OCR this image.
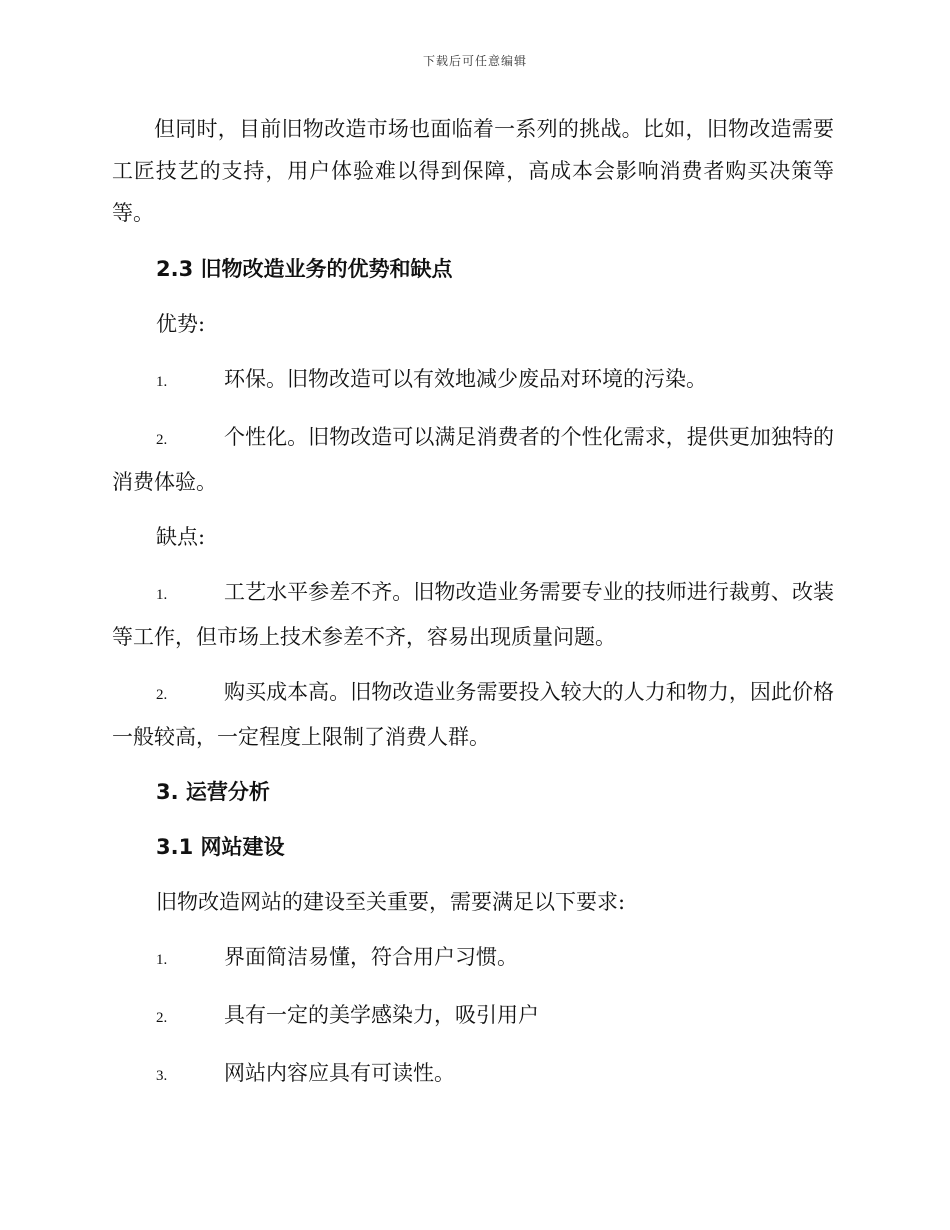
下载后可任意编辑

但同时，目前旧物改造市场也面临着一系列的挑战。比如，旧物改造需要工匠技艺的支持，用户体验难以得到保障，高成本会影响消费者购买决策等等。

2.3 旧物改造业务的优势和缺点
优势:
1.	环保。旧物改造可以有效地减少废品对环境的污染。
2.	个性化。旧物改造可以满足消费者的个性化需求，提供更加独特的消费体验。
缺点:
1.	工艺水平参差不齐。旧物改造业务需要专业的技师进行裁剪、改装等工作，但市场上技术参差不齐，容易出现质量问题。
2.	购买成本高。旧物改造业务需要投入较大的人力和物力，因此价格一般较高，一定程度上限制了消费人群。
3. 运营分析
3.1 网站建设
旧物改造网站的建设至关重要，需要满足以下要求:
1.	界面简洁易懂，符合用户习惯。
2.	具有一定的美学感染力，吸引用户
3.	网站内容应具有可读性。
